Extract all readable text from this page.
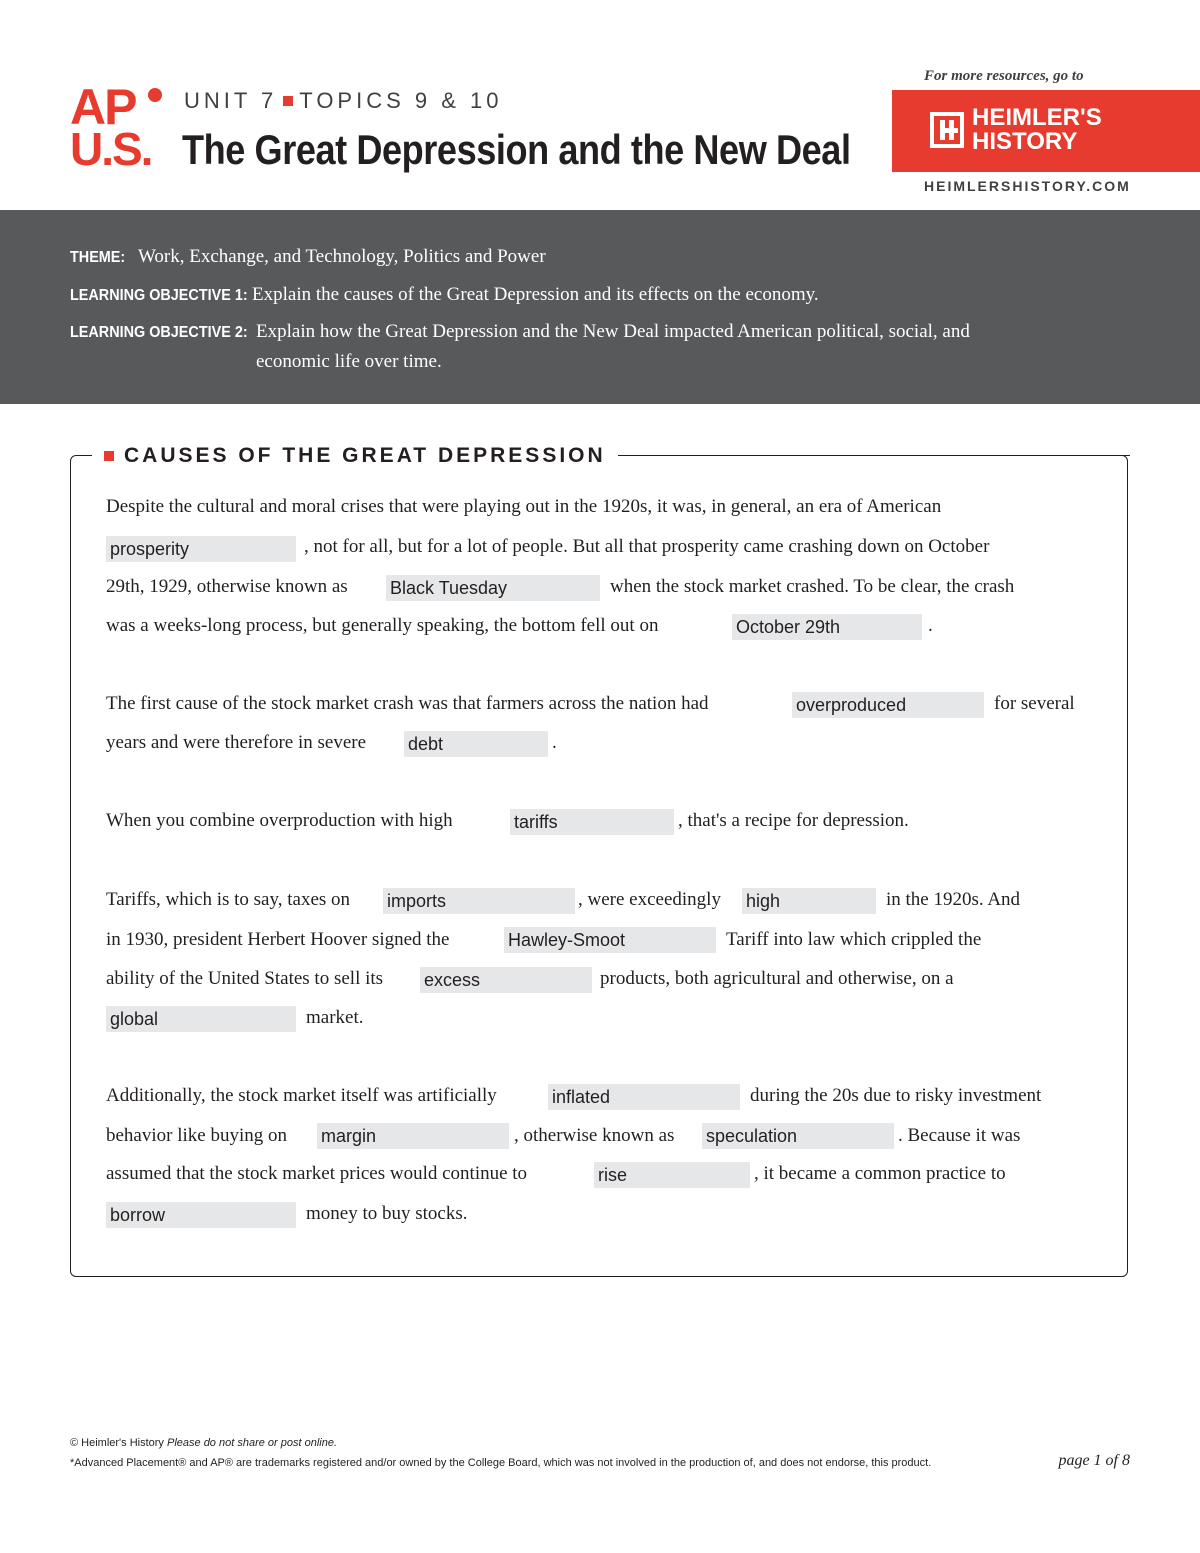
AP
U.S.
UNIT 7 TOPICS 9 & 10
The Great Depression and the New Deal
For more resources, go to
HEIMLER'S
HISTORY
HEIMLERSHISTORY.COM
THEME: Work, Exchange, and Technology, Politics and Power
LEARNING OBJECTIVE 1: Explain the causes of the Great Depression and its effects on the economy.
LEARNING OBJECTIVE 2: Explain how the Great Depression and the New Deal impacted American political, social, and
economic life over time.
CAUSES OF THE GREAT DEPRESSION
Despite the cultural and moral crises that were playing out in the 1920s, it was, in general, an era of American
prosperity	, not for all, but for a lot of people. But all that prosperity came crashing down on October
29th, 1929, otherwise known as Black Tuesday	when the stock market crashed. To be clear, the crash
was a weeks-long process, but generally speaking, the bottom fell out on	October 29th	.
The first cause of the stock market crash was that farmers across the nation had	overproduced	for several
years and were therefore in severe debt	.
When you combine overproduction with high	tariffs	, that's a recipe for depression.
Tariffs, which is to say, taxes on imports	, were exceedingly high	in the 1920s. And
in 1930, president Herbert Hoover signed the	Hawley-Smoot	Tariff into law which crippled the
ability of the United States to sell its excess	products, both agricultural and otherwise, on a
global	market.
Additionally, the stock market itself was artificially	inflated	during the 20s due to risky investment
behavior like buying on margin	, otherwise known as speculation	. Because it was
assumed that the stock market prices would continue to	rise	, it became a common practice to
borrow	money to buy stocks.
© Heimler's History Please do not share or post online.
*Advanced Placement® and AP® are trademarks registered and/or owned by the College Board, which was not involved in the production of, and does not endorse, this product.	page 1 of 8
